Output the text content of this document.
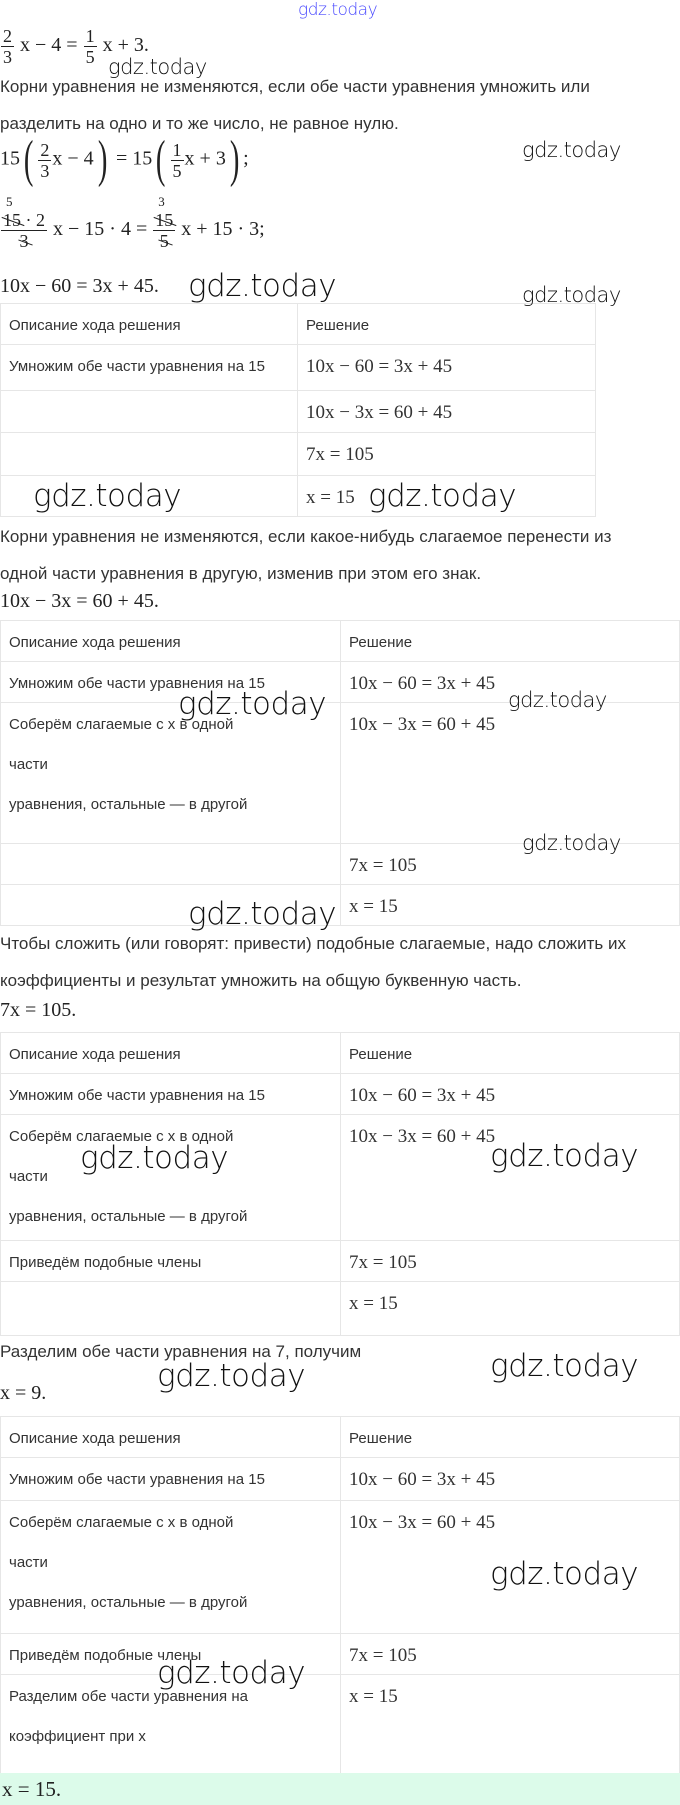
$\frac{2}{3}$ $x - 4 = \frac{1}{5}$ x + 3.
Корни уравнения не изменяются, если обе части уравнения умножить или
разделить на одно и то же число, не равное нулю.
$15( \frac{2}{3}$ $x - 4) = 15( \frac{1}{5}$ x + 3) ;
5
15 · 2
3 x − 15 · 4 = 3
15
5 x + 15 · 3;
10x − 60 = 3x + 45.
Описание хода решения	Решение

Умножим обе части уравнения на 15	10x − 60 = 3x + 45

	10x − 3x = 60 + 45

	7x = 105

	x = 15
Корни уравнения не изменяются, если какое-нибудь слагаемое перенести из
одной части уравнения в другую, изменив при этом его знак.
10x − 3x = 60 + 45.
Описание хода решения	Решение

Умножим обе части уравнения на 15	10x − 60 = 3x + 45

Соберём слагаемые с x в одной
части
уравнения, остальные — в другой	10x − 3x = 60 + 45

	7x = 105

	x = 15
Чтобы сложить (или говорят: привести) подобные слагаемые, надо сложить их
коэффициенты и результат умножить на общую буквенную часть.
7x = 105.
Описание хода решения	Решение

Умножим обе части уравнения на 15	10x − 60 = 3x + 45

Соберём слагаемые с x в одной
части
уравнения, остальные — в другой	10x − 3x = 60 + 45

Приведём подобные члены	7x = 105

	x = 15
Разделим обе части уравнения на 7, получим
x = 9.
Описание хода решения	Решение

Умножим обе части уравнения на 15	10x − 60 = 3x + 45

Соберём слагаемые с x в одной
части
уравнения, остальные — в другой	10x − 3x = 60 + 45

Приведём подобные члены	7x = 105

Разделим обе части уравнения на
коэффициент при x	x = 15
x = 15.
gdz.today
gdz.today
gdz.today
gdz.today	gdz.today
gdz.today	gdz.today
gdz.today	gdz.today
gdz.today
gdz.today
gdz.today	gdz.today
gdz.today	gdz.today
gdz.today
gdz.today
